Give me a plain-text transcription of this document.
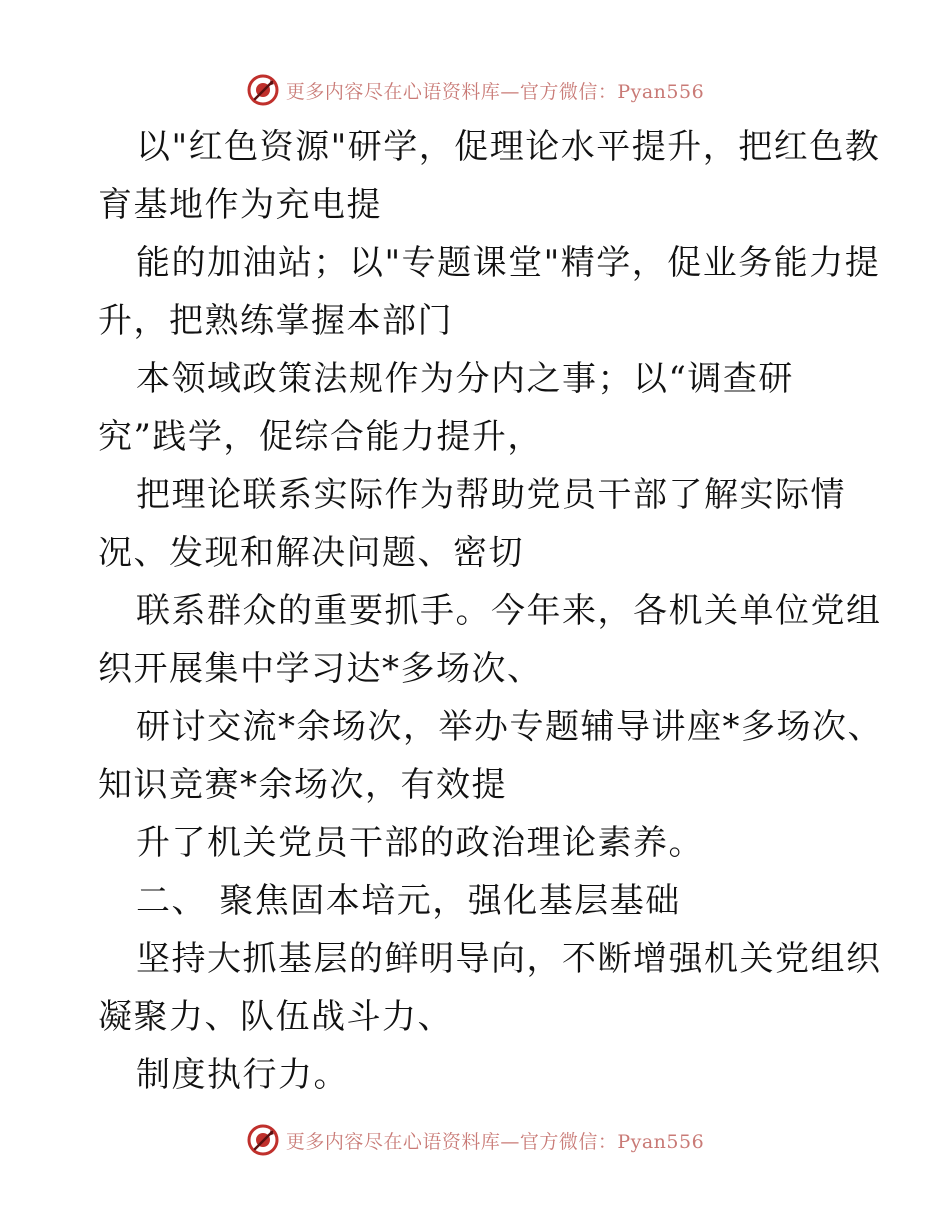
更多内容尽在心语资料库—官方微信：Pyan556

以"红色资源"研学，促理论水平提升，把红色教
育基地作为充电提

能的加油站；以"专题课堂"精学，促业务能力提
升，把熟练掌握本部门

本领域政策法规作为分内之事；以“调查研
究”践学，促综合能力提升，

把理论联系实际作为帮助党员干部了解实际情
况、发现和解决问题、密切

联系群众的重要抓手。今年来，各机关单位党组
织开展集中学习达*多场次、

研讨交流*余场次，举办专题辅导讲座*多场次、
知识竞赛*余场次，有效提

升了机关党员干部的政治理论素养。

二、 聚焦固本培元，强化基层基础

坚持大抓基层的鲜明导向，不断增强机关党组织
凝聚力、队伍战斗力、

制度执行力。

更多内容尽在心语资料库—官方微信：Pyan556
